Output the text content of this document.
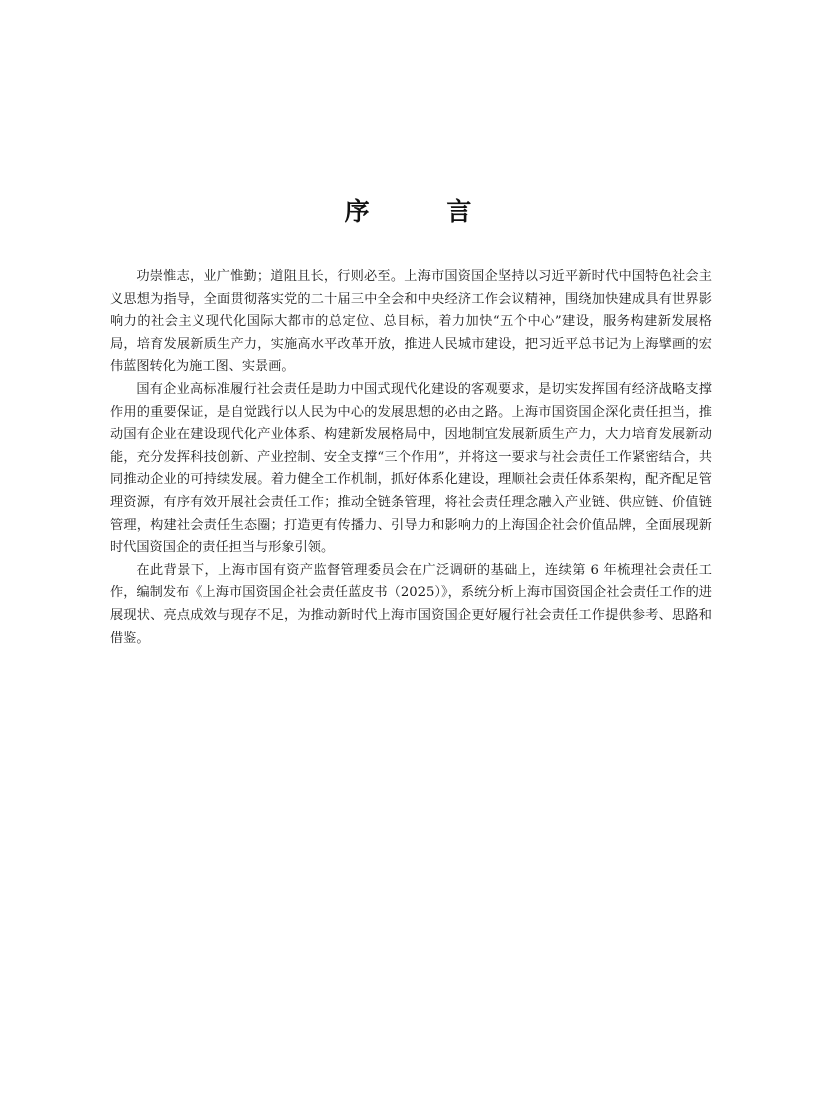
序 言

功崇惟志，业广惟勤；道阻且长，行则必至。上海市国资国企坚持以习近平新时代中国特色社会主义思想为指导，全面贯彻落实党的二十届三中全会和中央经济工作会议精神，围绕加快建成具有世界影响力的社会主义现代化国际大都市的总定位、总目标，着力加快“五个中心”建设，服务构建新发展格局，培育发展新质生产力，实施高水平改革开放，推进人民城市建设，把习近平总书记为上海擘画的宏伟蓝图转化为施工图、实景画。

国有企业高标准履行社会责任是助力中国式现代化建设的客观要求，是切实发挥国有经济战略支撑作用的重要保证，是自觉践行以人民为中心的发展思想的必由之路。上海市国资国企深化责任担当，推动国有企业在建设现代化产业体系、构建新发展格局中，因地制宜发展新质生产力，大力培育发展新动能，充分发挥科技创新、产业控制、安全支撑“三个作用”，并将这一要求与社会责任工作紧密结合，共同推动企业的可持续发展。着力健全工作机制，抓好体系化建设，理顺社会责任体系架构，配齐配足管理资源，有序有效开展社会责任工作；推动全链条管理，将社会责任理念融入产业链、供应链、价值链管理，构建社会责任生态圈；打造更有传播力、引导力和影响力的上海国企社会价值品牌，全面展现新时代国资国企的责任担当与形象引领。

在此背景下，上海市国有资产监督管理委员会在广泛调研的基础上，连续第 6 年梳理社会责任工作，编制发布《上海市国资国企社会责任蓝皮书（2025）》，系统分析上海市国资国企社会责任工作的进展现状、亮点成效与现存不足，为推动新时代上海市国资国企更好履行社会责任工作提供参考、思路和借鉴。
